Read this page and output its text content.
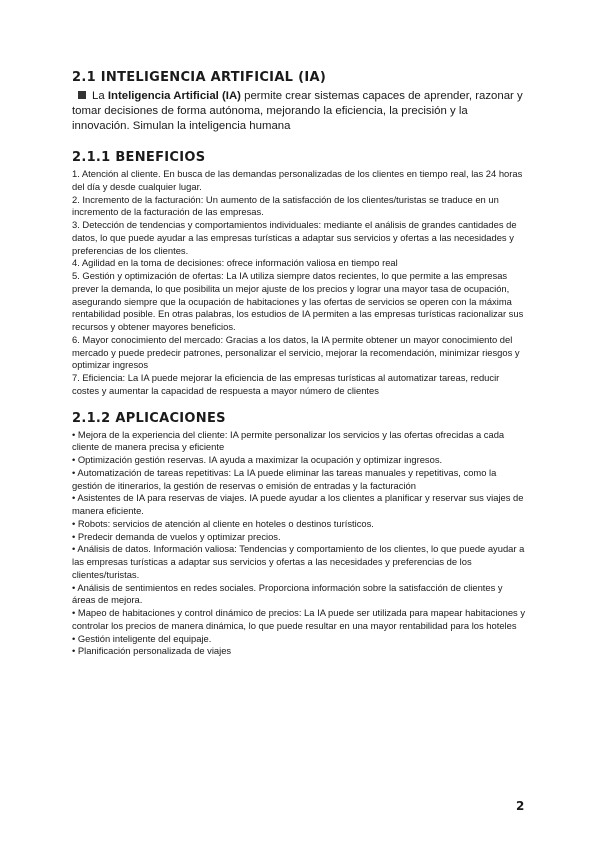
2.1 INTELIGENCIA ARTIFICIAL (IA)

La Inteligencia Artificial (IA) permite crear sistemas capaces de aprender, razonar y tomar decisiones de forma autónoma, mejorando la eficiencia, la precisión y la innovación. Simulan la inteligencia humana

2.1.1 BENEFICIOS
1. Atención al cliente. En busca de las demandas personalizadas de los clientes en tiempo real, las 24 horas del día y desde cualquier lugar.
2. Incremento de la facturación: Un aumento de la satisfacción de los clientes/turistas se traduce en un incremento de la facturación de las empresas.
3. Detección de tendencias y comportamientos individuales: mediante el análisis de grandes cantidades de datos, lo que puede ayudar a las empresas turísticas a adaptar sus servicios y ofertas a las necesidades y preferencias de los clientes.
4. Agilidad en la toma de decisiones: ofrece información valiosa en tiempo real
5. Gestión y optimización de ofertas: La IA utiliza siempre datos recientes, lo que permite a las empresas prever la demanda, lo que posibilita un mejor ajuste de los precios y lograr una mayor tasa de ocupación, asegurando siempre que la ocupación de habitaciones y las ofertas de servicios se operen con la máxima rentabilidad posible. En otras palabras, los estudios de IA permiten a las empresas turísticas racionalizar sus recursos y obtener mayores beneficios.
6. Mayor conocimiento del mercado: Gracias a los datos, la IA permite obtener un mayor conocimiento del mercado y puede predecir patrones, personalizar el servicio, mejorar la recomendación, minimizar riesgos y optimizar ingresos
7. Eficiencia: La IA puede mejorar la eficiencia de las empresas turísticas al automatizar tareas, reducir costes y aumentar la capacidad de respuesta a mayor número de clientes
2.1.2 APLICACIONES
• Mejora de la experiencia del cliente: IA permite personalizar los servicios y las ofertas ofrecidas a cada cliente de manera precisa y eficiente
• Optimización gestión reservas. IA ayuda a maximizar la ocupación y optimizar ingresos.
• Automatización de tareas repetitivas: La IA puede eliminar las tareas manuales y repetitivas, como la gestión de itinerarios, la gestión de reservas o emisión de entradas y la facturación
• Asistentes de IA para reservas de viajes. IA puede ayudar a los clientes a planificar y reservar sus viajes de manera eficiente.
• Robots: servicios de atención al cliente en hoteles o destinos turísticos.
• Predecir demanda de vuelos y optimizar precios.
• Análisis de datos. Información valiosa: Tendencias y comportamiento de los clientes, lo que puede ayudar a las empresas turísticas a adaptar sus servicios y ofertas a las necesidades y preferencias de los clientes/turistas.
• Análisis de sentimientos en redes sociales. Proporciona información sobre la satisfacción de clientes y áreas de mejora.
• Mapeo de habitaciones y control dinámico de precios: La IA puede ser utilizada para mapear habitaciones y controlar los precios de manera dinámica, lo que puede resultar en una mayor rentabilidad para los hoteles
• Gestión inteligente del equipaje.
• Planificación personalizada de viajes
2
